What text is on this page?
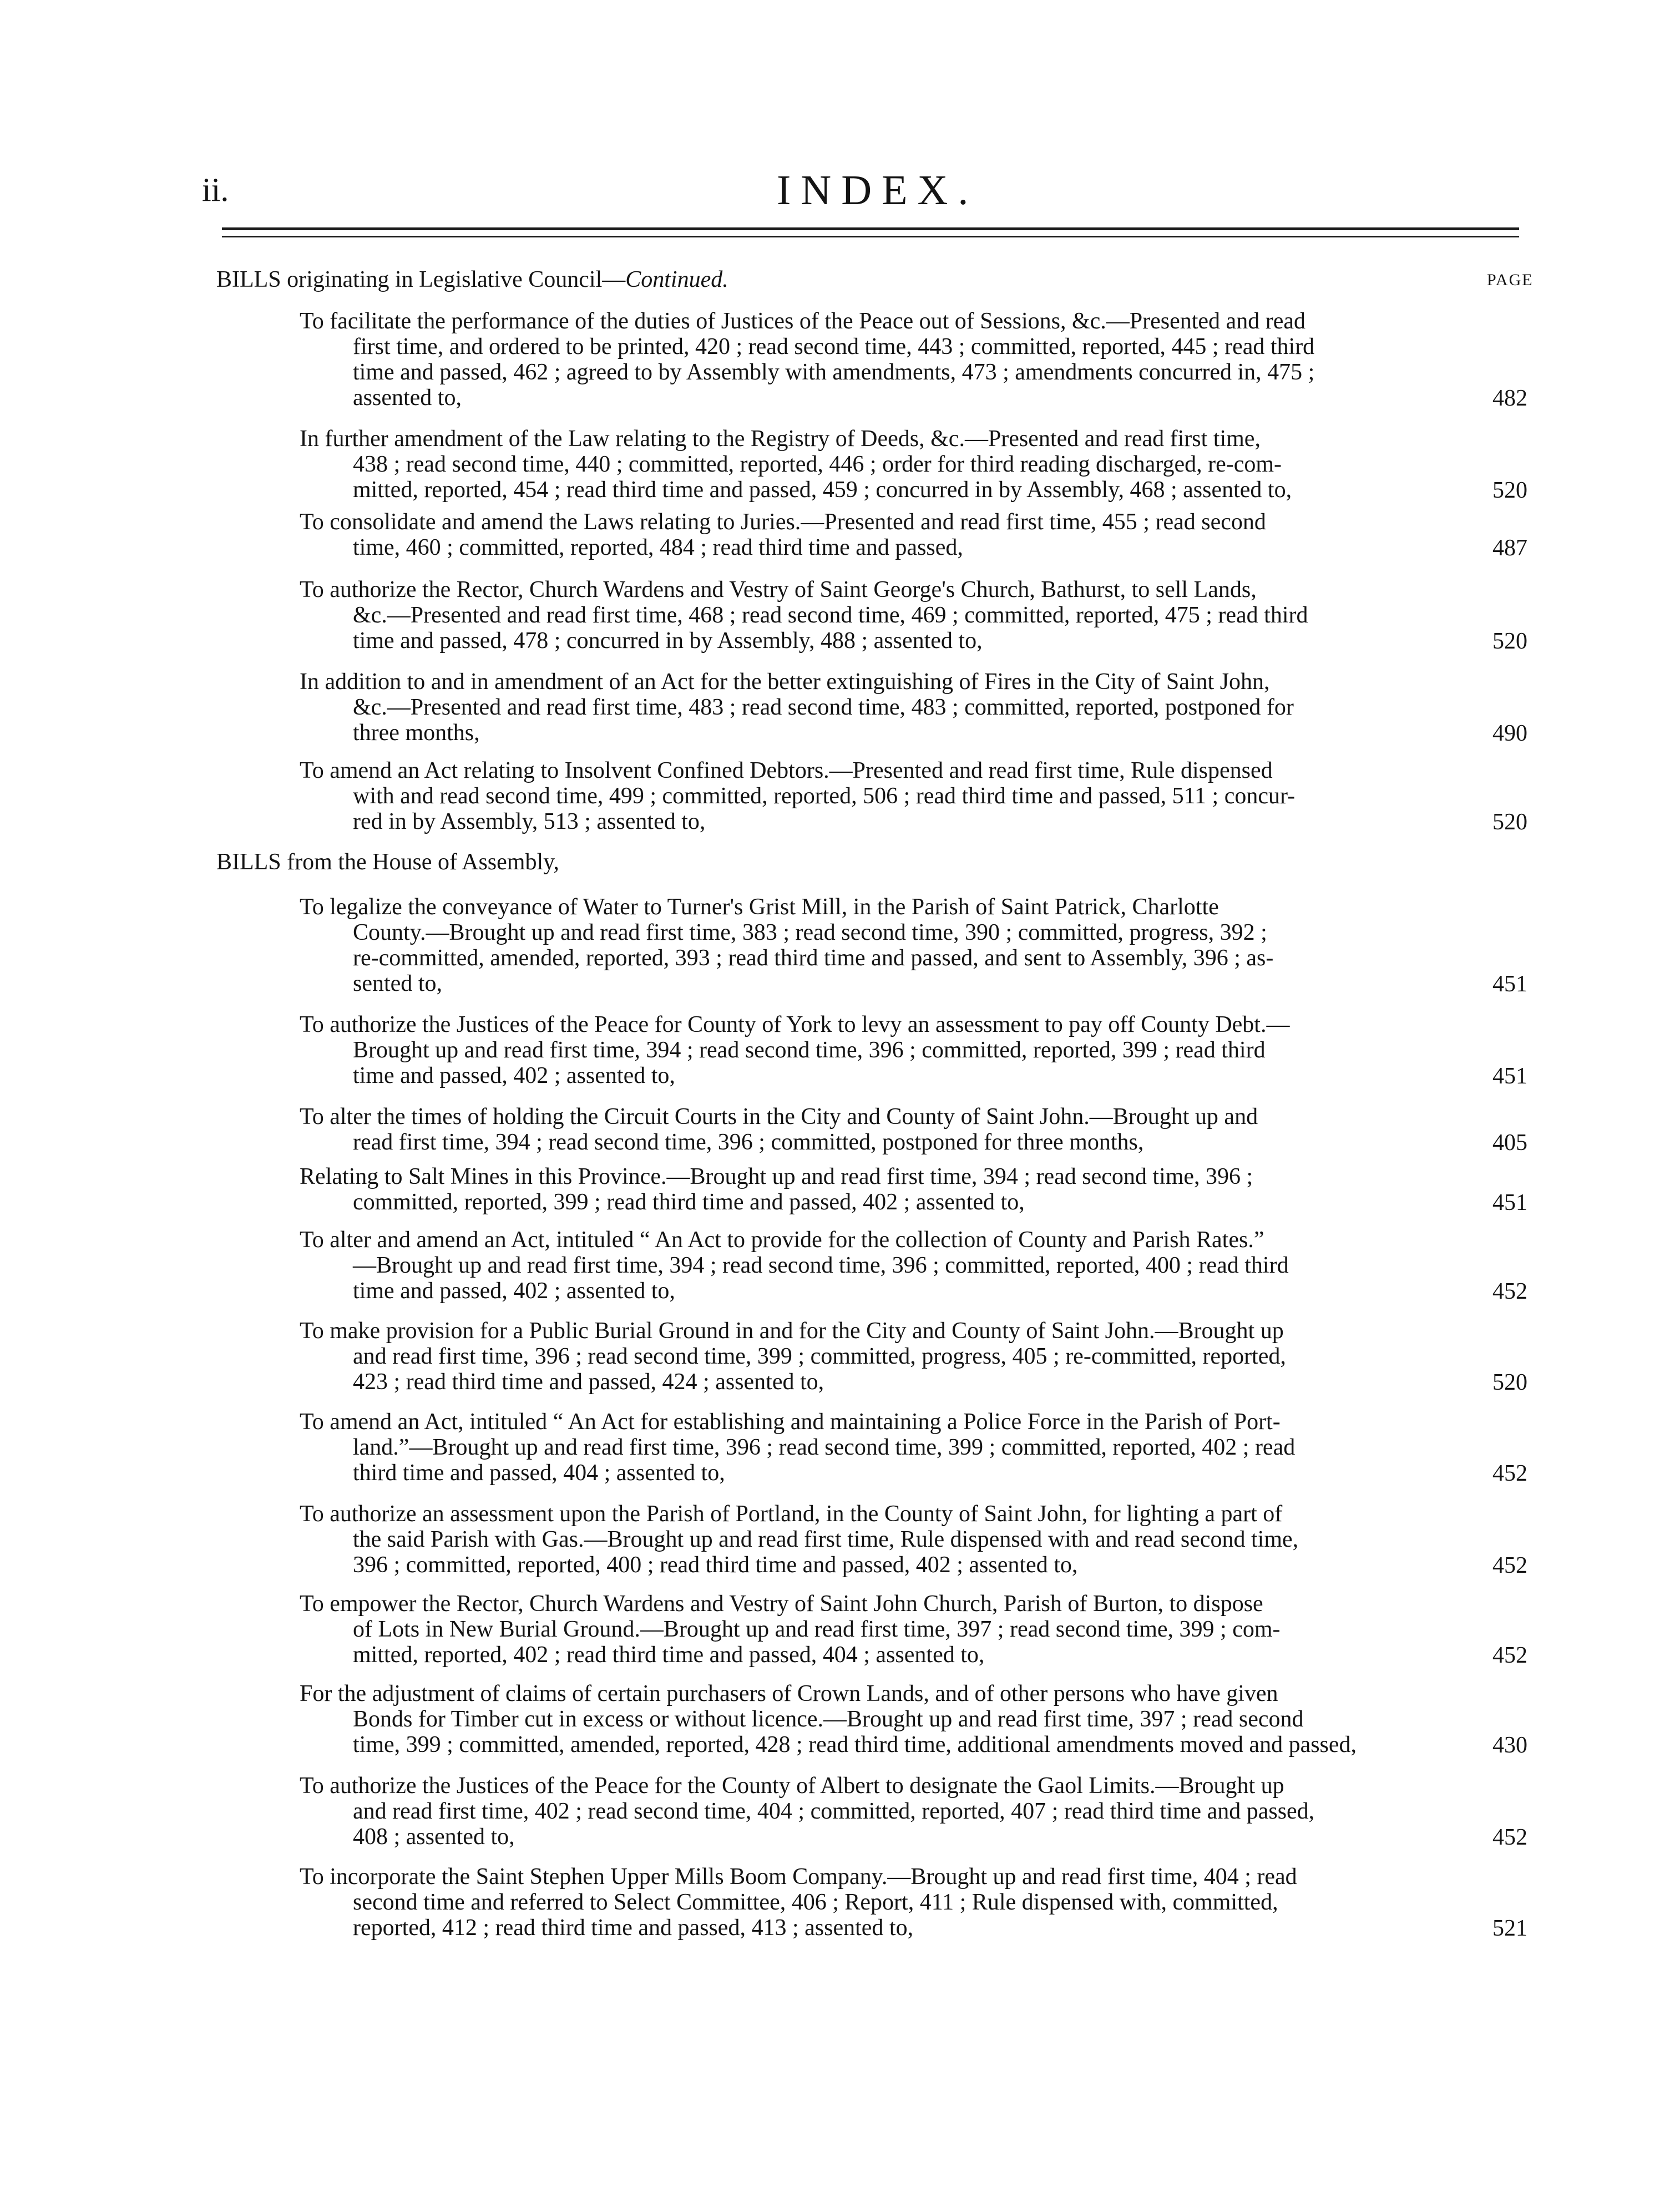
ii.	INDEX.
PAGE
BILLS originating in Legislative Council—Continued.
To facilitate the performance of the duties of Justices of the Peace out of Sessions, &c.—Presented and read
first time, and ordered to be printed, 420 ; read second time, 443 ; committed, reported, 445 ; read third
time and passed, 462 ; agreed to by Assembly with amendments, 473 ; amendments concurred in, 475 ;
assented to,	482
In further amendment of the Law relating to the Registry of Deeds, &c.—Presented and read first time,
438 ; read second time, 440 ; committed, reported, 446 ; order for third reading discharged, re-com-
mitted, reported, 454 ; read third time and passed, 459 ; concurred in by Assembly, 468 ; assented to,	520
To consolidate and amend the Laws relating to Juries.—Presented and read first time, 455 ; read second
time, 460 ; committed, reported, 484 ; read third time and passed,	487
To authorize the Rector, Church Wardens and Vestry of Saint George's Church, Bathurst, to sell Lands,
&c.—Presented and read first time, 468 ; read second time, 469 ; committed, reported, 475 ; read third
time and passed, 478 ; concurred in by Assembly, 488 ; assented to,	520
In addition to and in amendment of an Act for the better extinguishing of Fires in the City of Saint John,
&c.—Presented and read first time, 483 ; read second time, 483 ; committed, reported, postponed for
three months,	490
To amend an Act relating to Insolvent Confined Debtors.—Presented and read first time, Rule dispensed
with and read second time, 499 ; committed, reported, 506 ; read third time and passed, 511 ; concur-
red in by Assembly, 513 ; assented to,	520
BILLS from the House of Assembly,
To legalize the conveyance of Water to Turner's Grist Mill, in the Parish of Saint Patrick, Charlotte
County.—Brought up and read first time, 383 ; read second time, 390 ; committed, progress, 392 ;
re-committed, amended, reported, 393 ; read third time and passed, and sent to Assembly, 396 ; as-
sented to,	451
To authorize the Justices of the Peace for County of York to levy an assessment to pay off County Debt.—
Brought up and read first time, 394 ; read second time, 396 ; committed, reported, 399 ; read third
time and passed, 402 ; assented to,	451
To alter the times of holding the Circuit Courts in the City and County of Saint John.—Brought up and
read first time, 394 ; read second time, 396 ; committed, postponed for three months,	405
Relating to Salt Mines in this Province.—Brought up and read first time, 394 ; read second time, 396 ;
committed, reported, 399 ; read third time and passed, 402 ; assented to,	451
To alter and amend an Act, intituled “ An Act to provide for the collection of County and Parish Rates.”
—Brought up and read first time, 394 ; read second time, 396 ; committed, reported, 400 ; read third
time and passed, 402 ; assented to,	452
To make provision for a Public Burial Ground in and for the City and County of Saint John.—Brought up
and read first time, 396 ; read second time, 399 ; committed, progress, 405 ; re-committed, reported,
423 ; read third time and passed, 424 ; assented to,	520
To amend an Act, intituled “ An Act for establishing and maintaining a Police Force in the Parish of Port-
land.”—Brought up and read first time, 396 ; read second time, 399 ; committed, reported, 402 ; read
third time and passed, 404 ; assented to,	452
To authorize an assessment upon the Parish of Portland, in the County of Saint John, for lighting a part of
the said Parish with Gas.—Brought up and read first time, Rule dispensed with and read second time,
396 ; committed, reported, 400 ; read third time and passed, 402 ; assented to,	452
To empower the Rector, Church Wardens and Vestry of Saint John Church, Parish of Burton, to dispose
of Lots in New Burial Ground.—Brought up and read first time, 397 ; read second time, 399 ; com-
mitted, reported, 402 ; read third time and passed, 404 ; assented to,	452
For the adjustment of claims of certain purchasers of Crown Lands, and of other persons who have given
Bonds for Timber cut in excess or without licence.—Brought up and read first time, 397 ; read second
time, 399 ; committed, amended, reported, 428 ; read third time, additional amendments moved and passed,	430
To authorize the Justices of the Peace for the County of Albert to designate the Gaol Limits.—Brought up
and read first time, 402 ; read second time, 404 ; committed, reported, 407 ; read third time and passed,
408 ; assented to,	452
To incorporate the Saint Stephen Upper Mills Boom Company.—Brought up and read first time, 404 ; read
second time and referred to Select Committee, 406 ; Report, 411 ; Rule dispensed with, committed,
reported, 412 ; read third time and passed, 413 ; assented to,	521
